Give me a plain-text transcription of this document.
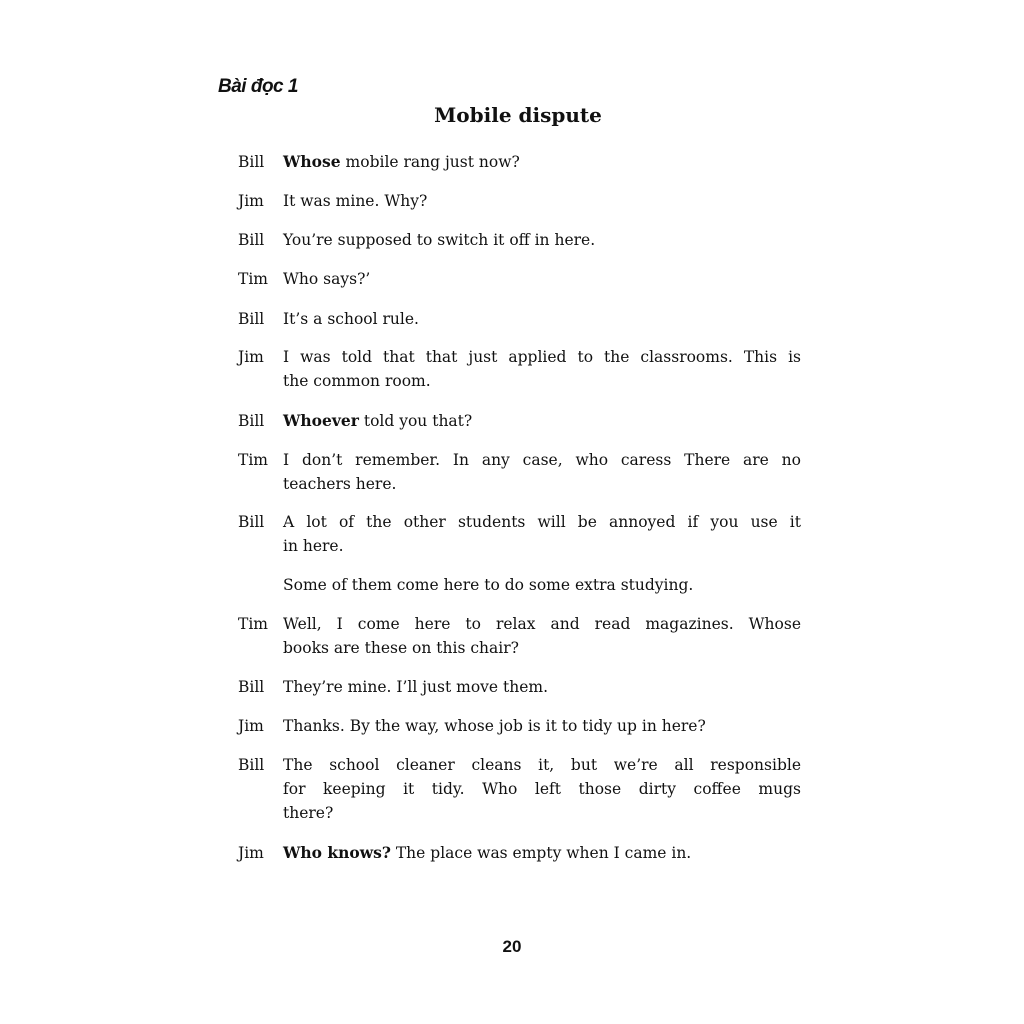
Bài đọc 1
Mobile dispute
Bill Whose mobile rang just now?
Jim It was mine. Why?
Bill You’re supposed to switch it off in here.
Tim Who says?’
Bill It’s a school rule.
Jim I was told that that just applied to the classrooms. This is
the common room.
Bill Whoever told you that?
Tim I don’t remember. In any case, who caress There are no
teachers here.
Bill A lot of the other students will be annoyed if you use it
in here.
Some of them come here to do some extra studying.
Tim Well, I come here to relax and read magazines. Whose
books are these on this chair?
Bill They’re mine. I’ll just move them.
Jim Thanks. By the way, whose job is it to tidy up in here?
Bill The school cleaner cleans it, but we’re all responsible
for keeping it tidy. Who left those dirty coffee mugs
there?
Jim Who knows? The place was empty when I came in.
20
